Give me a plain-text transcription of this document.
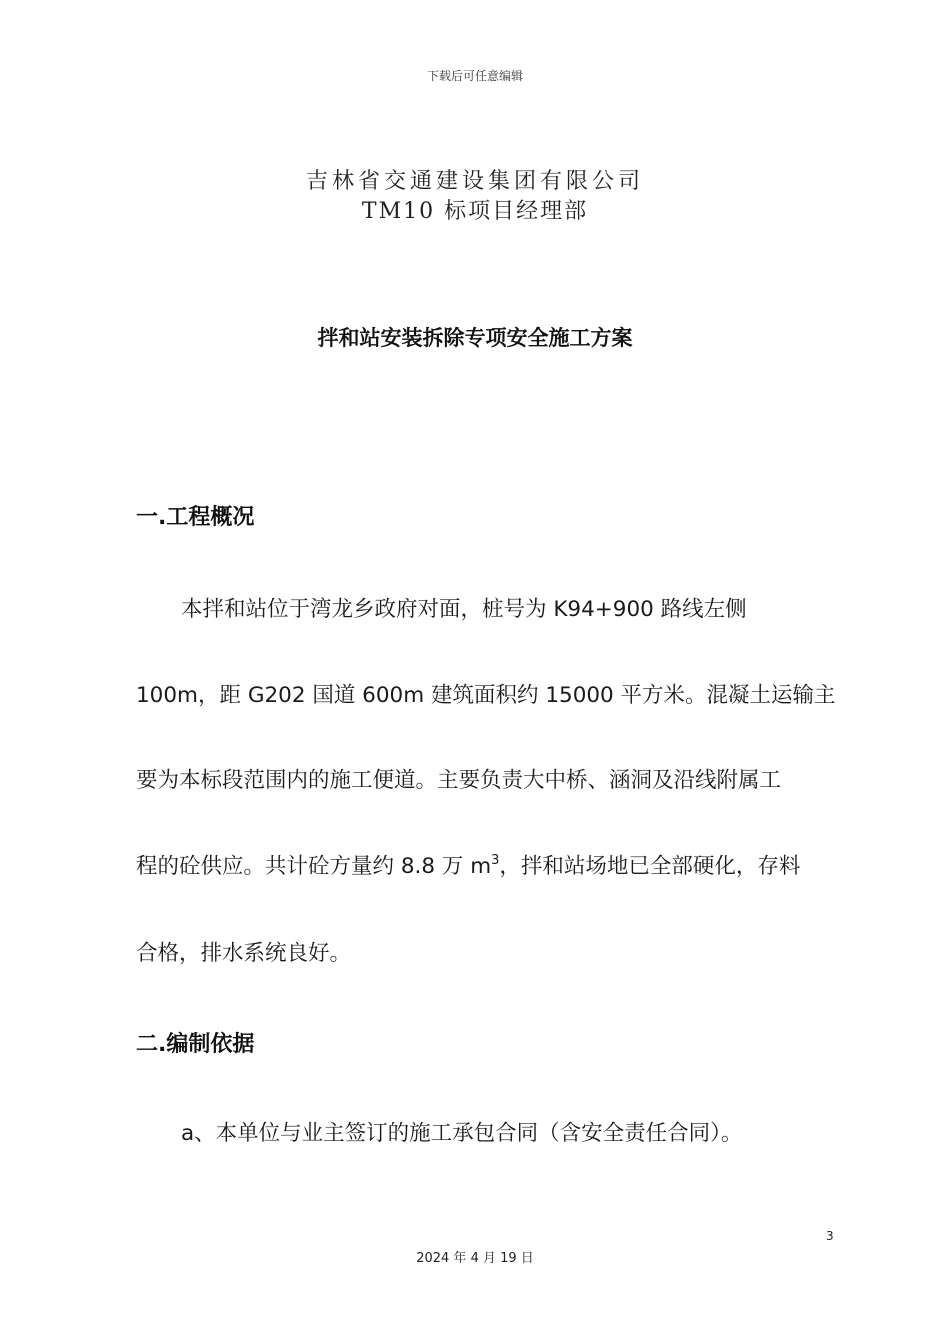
下载后可任意编辑
吉林省交通建设集团有限公司
TM10 标项目经理部
拌和站安装拆除专项安全施工方案
一.工程概况
本拌和站位于湾龙乡政府对面，桩号为 K94+900 路线左侧
100m，距 G202 国道 600m 建筑面积约 15000 平方米。混凝土运输主
要为本标段范围内的施工便道。主要负责大中桥、涵洞及沿线附属工
程的砼供应。共计砼方量约 8.8 万 $m^3$，拌和站场地已全部硬化，存料
合格，排水系统良好。
二.编制依据
a、本单位与业主签订的施工承包合同（含安全责任合同）。
3
2024 年 4 月 19 日
